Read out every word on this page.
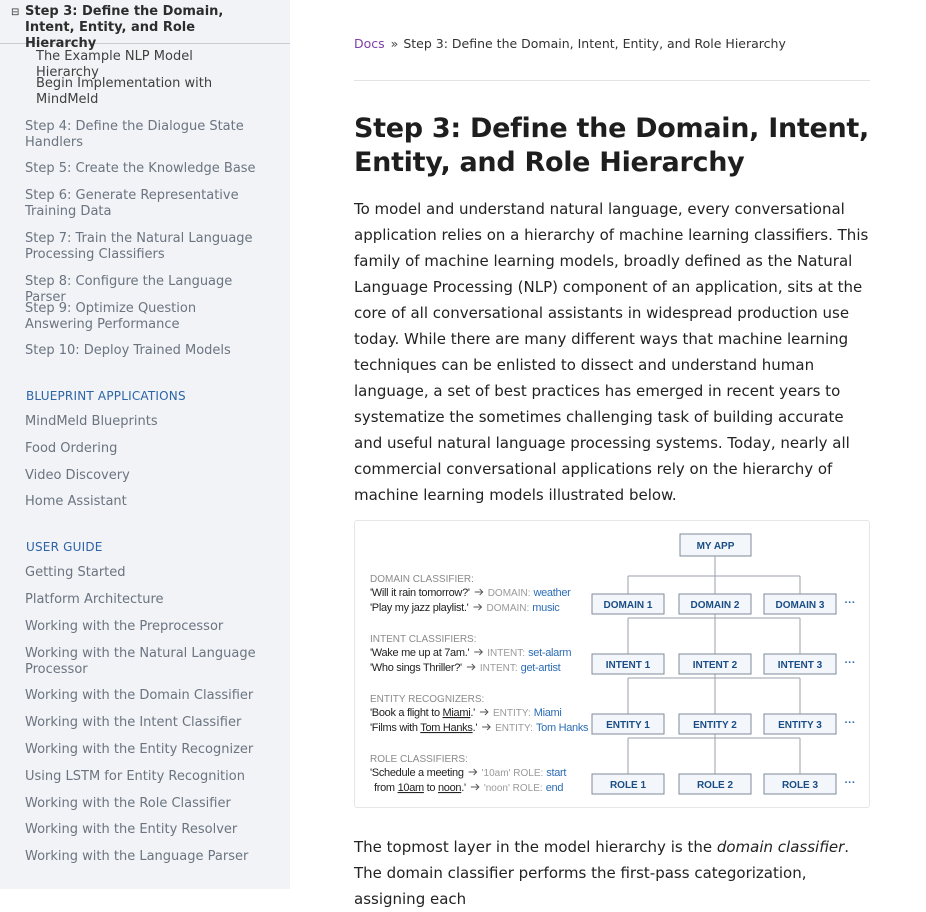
⊟ Step 3: Define the Domain, Intent, Entity, and Role Hierarchy
The Example NLP Model Hierarchy
Begin Implementation with MindMeld
Step 4: Define the Dialogue State Handlers
Step 5: Create the Knowledge Base
Step 6: Generate Representative Training Data
Step 7: Train the Natural Language Processing Classifiers
Step 8: Configure the Language Parser
Step 9: Optimize Question Answering Performance
Step 10: Deploy Trained Models
BLUEPRINT APPLICATIONS
MindMeld Blueprints
Food Ordering
Video Discovery
Home Assistant
USER GUIDE
Getting Started
Platform Architecture
Working with the Preprocessor
Working with the Natural Language Processor
Working with the Domain Classifier
Working with the Intent Classifier
Working with the Entity Recognizer
Using LSTM for Entity Recognition
Working with the Role Classifier
Working with the Entity Resolver
Working with the Language Parser
Docs » Step 3: Define the Domain, Intent, Entity, and Role Hierarchy
Step 3: Define the Domain, Intent, Entity, and Role Hierarchy

To model and understand natural language, every conversational application relies on a hierarchy of machine learning classifiers. This family of machine learning models, broadly defined as the Natural Language Processing (NLP) component of an application, sits at the core of all conversational assistants in widespread production use today. While there are many different ways that machine learning techniques can be enlisted to dissect and understand human language, a set of best practices has emerged in recent years to systematize the sometimes challenging task of building accurate and useful natural language processing systems. Today, nearly all commercial conversational applications rely on the hierarchy of machine learning models illustrated below.

MY APP
DOMAIN 1	DOMAIN 2	DOMAIN 3 ···
DOMAIN CLASSIFIER:
'Will it rain tomorrow?' DOMAIN: weather
'Play my jazz playlist.' DOMAIN: music
INTENT 1	INTENT 2	INTENT 3 ···
INTENT CLASSIFIERS:
'Wake me up at 7am.' INTENT: set-alarm
'Who sings Thriller?' INTENT: get-artist
ENTITY 1	ENTITY 2	ENTITY 3 ···
ENTITY RECOGNIZERS:
'Book a flight to Miami.' ENTITY: Miami
'Films with Tom Hanks.' ENTITY: Tom Hanks
ROLE 1	ROLE 2	ROLE 3 ···
ROLE CLASSIFIERS:
'Schedule a meeting '10am' ROLE: start
from 10am to noon.' 'noon' ROLE: end

The topmost layer in the model hierarchy is the domain classifier. The domain classifier performs the first-pass categorization, assigning each
